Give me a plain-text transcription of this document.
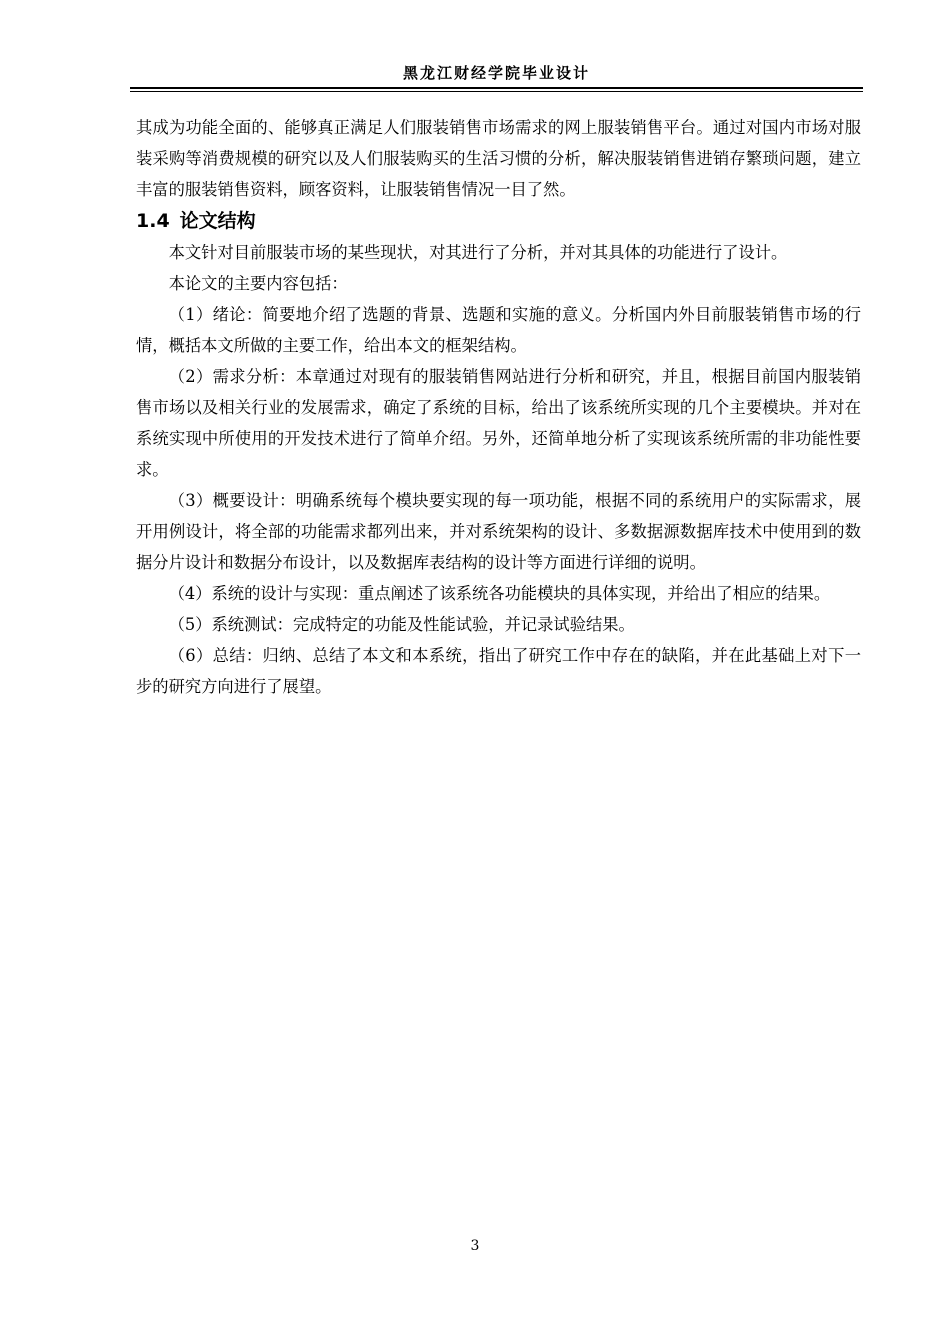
黑龙江财经学院毕业设计

其成为功能全面的、能够真正满足人们服装销售市场需求的网上服装销售平台。通过对国内市场对服装采购等消费规模的研究以及人们服装购买的生活习惯的分析，解决服装销售进销存繁琐问题，建立丰富的服装销售资料，顾客资料，让服装销售情况一目了然。

1.4 论文结构

本文针对目前服装市场的某些现状，对其进行了分析，并对其具体的功能进行了设计。

本论文的主要内容包括：

（1）绪论：简要地介绍了选题的背景、选题和实施的意义。分析国内外目前服装销售市场的行情，概括本文所做的主要工作，给出本文的框架结构。

（2）需求分析：本章通过对现有的服装销售网站进行分析和研究，并且，根据目前国内服装销售市场以及相关行业的发展需求，确定了系统的目标，给出了该系统所实现的几个主要模块。并对在系统实现中所使用的开发技术进行了简单介绍。另外，还简单地分析了实现该系统所需的非功能性要求。

（3）概要设计：明确系统每个模块要实现的每一项功能，根据不同的系统用户的实际需求，展开用例设计，将全部的功能需求都列出来，并对系统架构的设计、多数据源数据库技术中使用到的数据分片设计和数据分布设计，以及数据库表结构的设计等方面进行详细的说明。

（4）系统的设计与实现：重点阐述了该系统各功能模块的具体实现，并给出了相应的结果。

（5）系统测试：完成特定的功能及性能试验，并记录试验结果。

（6）总结：归纳、总结了本文和本系统，指出了研究工作中存在的缺陷，并在此基础上对下一步的研究方向进行了展望。

3
